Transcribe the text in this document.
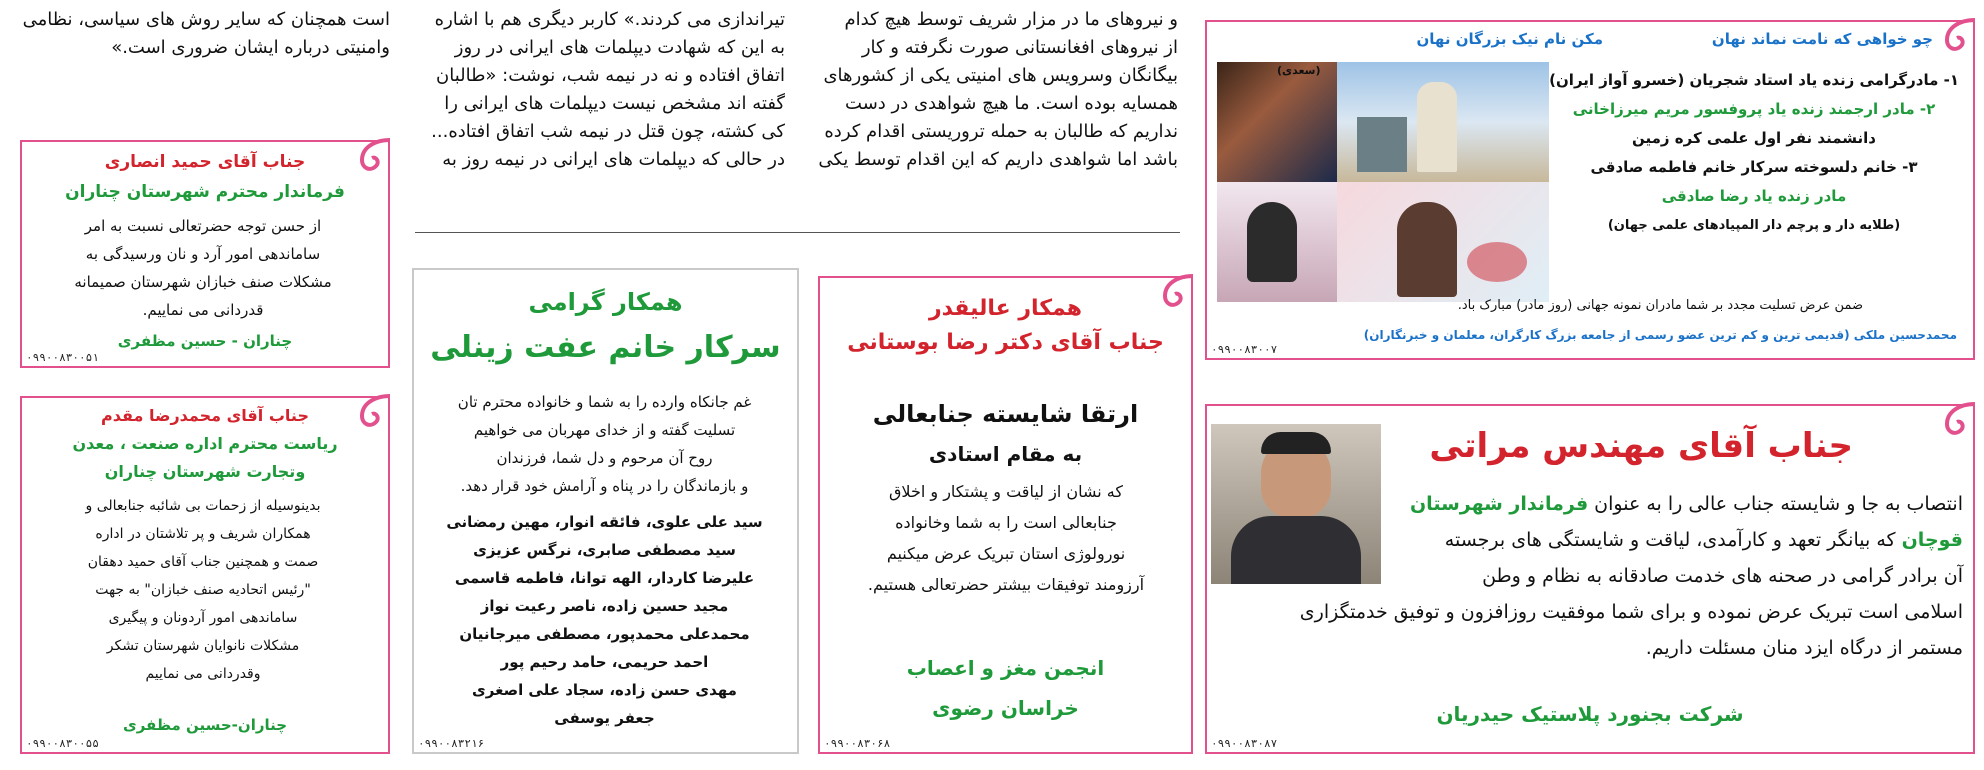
و نیروهای ما در مزار شریف توسط هیچ کدام

از نیروهای افغانستانی صورت نگرفته و کار

بیگانگان وسرویس های امنیتی یکی از کشورهای

همسایه بوده است. ما هیچ شواهدی در دست

نداریم که طالبان به حمله تروریستی اقدام کرده

باشد اما شواهدی داریم که این اقدام توسط یکی

تیراندازی می کردند.» کاربر دیگری هم با اشاره

به این که شهادت دیپلمات های ایرانی در روز

اتفاق افتاده و نه در نیمه شب، نوشت: «طالبان

گفته اند مشخص نیست دیپلمات های ایرانی را

کی کشته، چون قتل در نیمه شب اتفاق افتاده...

در حالی که دیپلمات های ایرانی در نیمه روز به

است همچنان که سایر روش های سیاسی، نظامی

وامنیتی درباره ایشان ضروری است.»	چو خواهی که نامت نماند نهان
مکن نام نیک بزرگان نهان
(سعدی)
۱- مادرگرامی زنده یاد استاد شجریان (خسرو آواز ایران)
۲- مادر ارجمند زنده یاد پروفسور مریم میرزاخانی
دانشمند نفر اول علمی کره زمین
۳- خانم دلسوخته سرکار خانم فاطمه صادقی
مادر زنده یاد رضا صادقی
(طلایه دار و پرچم دار المپیادهای علمی جهان)
ضمن عرض تسلیت مجدد بر شما مادران نمونه جهانی (روز مادر) مبارک باد.
محمدحسین ملکی (قدیمی ترین و کم ترین عضو رسمی از جامعه بزرگ کارگران، معلمان و خبرنگاران)
۰۹۹۰۰۸۳۰۰۷
جناب آقای مهندس مراتی
انتصاب به جا و شایسته جناب عالی را به عنوان فرماندار شهرستان
قوچان که بیانگر تعهد و کارآمدی، لیاقت و شایستگی های برجسته
آن برادر گرامی در صحنه های خدمت صادقانه به نظام و وطن
اسلامی است تبریک عرض نموده و برای شما موفقیت روزافزون و توفیق خدمتگزاری
مستمر از درگاه ایزد منان مسئلت داریم.
شرکت بجنورد پلاستیک حیدریان
۰۹۹۰۰۸۳۰۸۷
همکار عالیقدر
جناب آقای دکتر رضا بوستانی
ارتقا شایسته جنابعالی
به مقام استادی
که نشان از لیاقت و پشتکار و اخلاق
جنابعالی است را به شما وخانواده
نورولوژی استان تبریک عرض میکنیم
آرزومند توفیقات بیشتر حضرتعالی هستیم.
انجمن مغز و اعصاب
خراسان رضوی
۰۹۹۰۰۸۳۰۶۸
همکار گرامی
سرکار خانم عفت زینلی
غم جانکاه وارده را به شما و خانواده محترم تان
تسلیت گفته و از خدای مهربان می خواهیم
روح آن مرحوم و دل شما، فرزندان
و بازماندگان را در پناه و آرامش خود قرار دهد.
سید علی علوی، فائقه انوار، مهین رمضانی
سید مصطفی صابری، نرگس عزیزی
علیرضا کاردار، الهه توانا، فاطمه قاسمی
مجید حسین زاده، ناصر رعیت نواز
محمدعلی محمدپور، مصطفی میرجانیان
احمد حریمی، حامد رحیم پور
مهدی حسن زاده، سجاد علی اصغری
جعفر یوسفی
۰۹۹۰۰۸۳۲۱۶
جناب آقای حمید انصاری
فرماندار محترم شهرستان چناران
از حسن توجه حضرتعالی نسبت به امر
ساماندهی امور آرد و نان ورسیدگی به
مشکلات صنف خبازان شهرستان صمیمانه
قدردانی می نماییم.
چناران - حسین مظفری
۰۹۹۰۰۸۳۰۰۵۱
جناب آقای محمدرضا مقدم
ریاست محترم اداره صنعت ، معدن
وتجارت شهرستان چناران
بدینوسیله از زحمات بی شائبه جنابعالی و
همکاران شریف و پر تلاشتان در اداره
صمت و همچنین جناب آقای حمید دهقان
"رئیس اتحادیه صنف خبازان" به جهت
ساماندهی امور آردونان و پیگیری
مشکلات نانوایان شهرستان تشکر
وقدردانی می نماییم
چناران-حسین مظفری
۰۹۹۰۰۸۳۰۰۵۵
